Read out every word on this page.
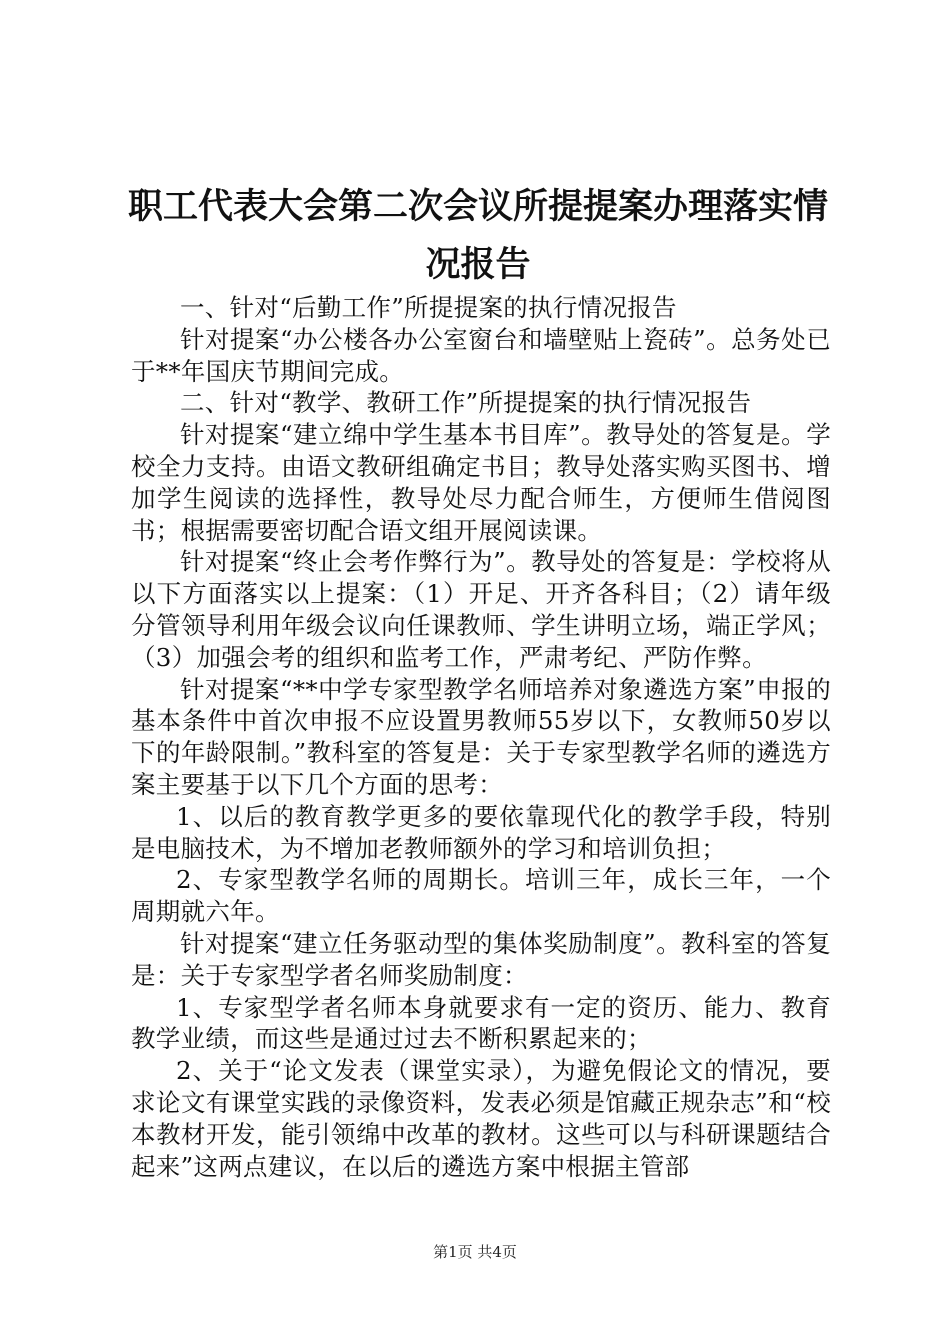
职工代表大会第二次会议所提提案办理落实情况报告

一、针对“后勤工作”所提提案的执行情况报告

针对提案“办公楼各办公室窗台和墙壁贴上瓷砖”。总务处已于**年国庆节期间完成。

二、针对“教学、教研工作”所提提案的执行情况报告

针对提案“建立绵中学生基本书目库”。教导处的答复是。学校全力支持。由语文教研组确定书目；教导处落实购买图书、增加学生阅读的选择性，教导处尽力配合师生，方便师生借阅图书；根据需要密切配合语文组开展阅读课。

针对提案“终止会考作弊行为”。教导处的答复是：学校将从以下方面落实以上提案：（1）开足、开齐各科目；（2）请年级分管领导利用年级会议向任课教师、学生讲明立场，端正学风；（3）加强会考的组织和监考工作，严肃考纪、严防作弊。

针对提案“**中学专家型教学名师培养对象遴选方案”申报的基本条件中首次申报不应设置男教师55岁以下，女教师50岁以下的年龄限制。”教科室的答复是：关于专家型教学名师的遴选方案主要基于以下几个方面的思考：

1、以后的教育教学更多的要依靠现代化的教学手段，特别是电脑技术，为不增加老教师额外的学习和培训负担；

2、专家型教学名师的周期长。培训三年，成长三年，一个周期就六年。

针对提案“建立任务驱动型的集体奖励制度”。教科室的答复是：关于专家型学者名师奖励制度：

1、专家型学者名师本身就要求有一定的资历、能力、教育教学业绩，而这些是通过过去不断积累起来的；

2、关于“论文发表（课堂实录），为避免假论文的情况，要求论文有课堂实践的录像资料，发表必须是馆藏正规杂志”和“校本教材开发，能引领绵中改革的教材。这些可以与科研课题结合起来”这两点建议，在以后的遴选方案中根据主管部

第1页 共4页
